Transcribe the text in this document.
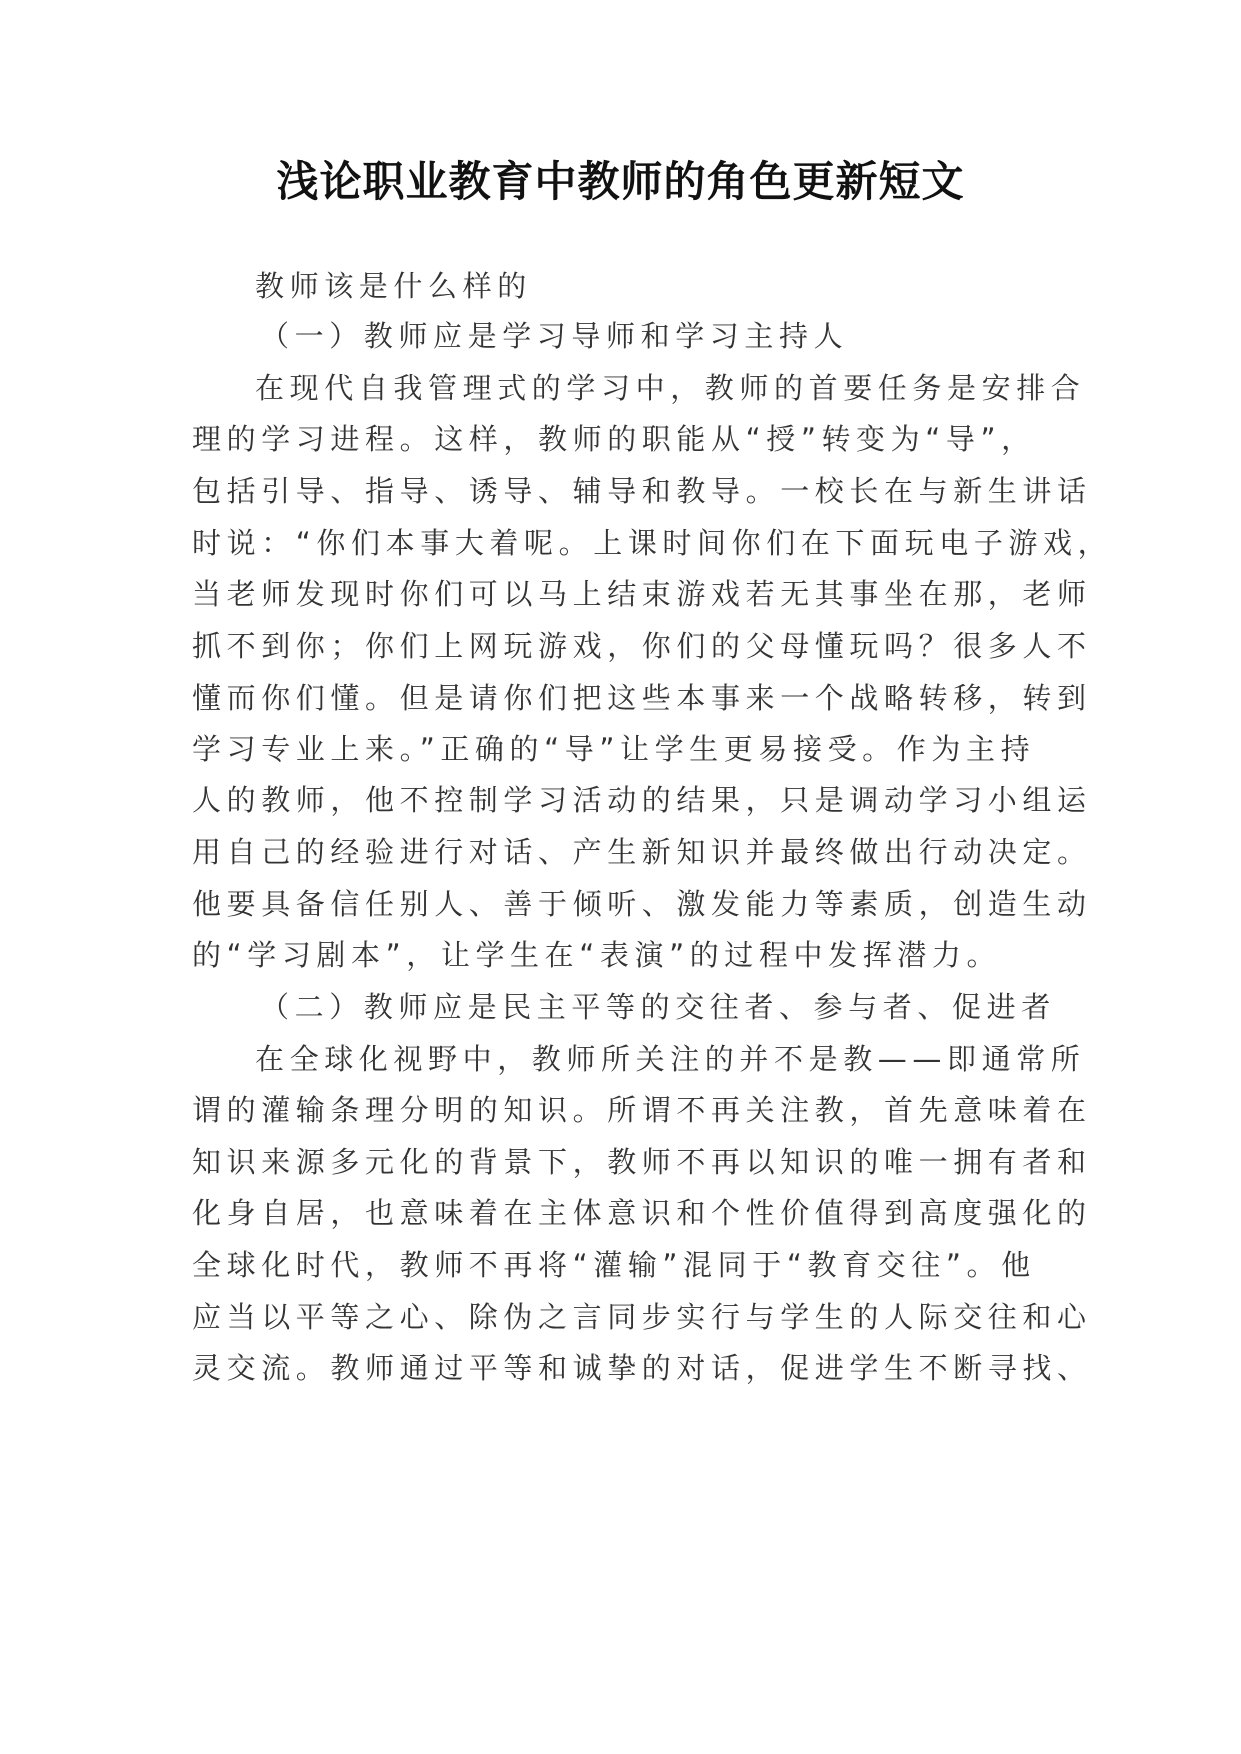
浅论职业教育中教师的角色更新短文
教师该是什么样的
（一）教师应是学习导师和学习主持人
在现代自我管理式的学习中，教师的首要任务是安排合
理的学习进程。这样，教师的职能从“授”转变为“导”，
包括引导、指导、诱导、辅导和教导。一校长在与新生讲话
时说：“你们本事大着呢。上课时间你们在下面玩电子游戏，
当老师发现时你们可以马上结束游戏若无其事坐在那，老师
抓不到你；你们上网玩游戏，你们的父母懂玩吗？很多人不
懂而你们懂。但是请你们把这些本事来一个战略转移，转到
学习专业上来。”正确的“导”让学生更易接受。作为主持
人的教师，他不控制学习活动的结果，只是调动学习小组运
用自己的经验进行对话、产生新知识并最终做出行动决定。
他要具备信任别人、善于倾听、激发能力等素质，创造生动
的“学习剧本”，让学生在“表演”的过程中发挥潜力。
（二）教师应是民主平等的交往者、参与者、促进者
在全球化视野中，教师所关注的并不是教——即通常所
谓的灌输条理分明的知识。所谓不再关注教，首先意味着在
知识来源多元化的背景下，教师不再以知识的唯一拥有者和
化身自居，也意味着在主体意识和个性价值得到高度强化的
全球化时代，教师不再将“灌输”混同于“教育交往”。他
应当以平等之心、除伪之言同步实行与学生的人际交往和心
灵交流。教师通过平等和诚挚的对话，促进学生不断寻找、
